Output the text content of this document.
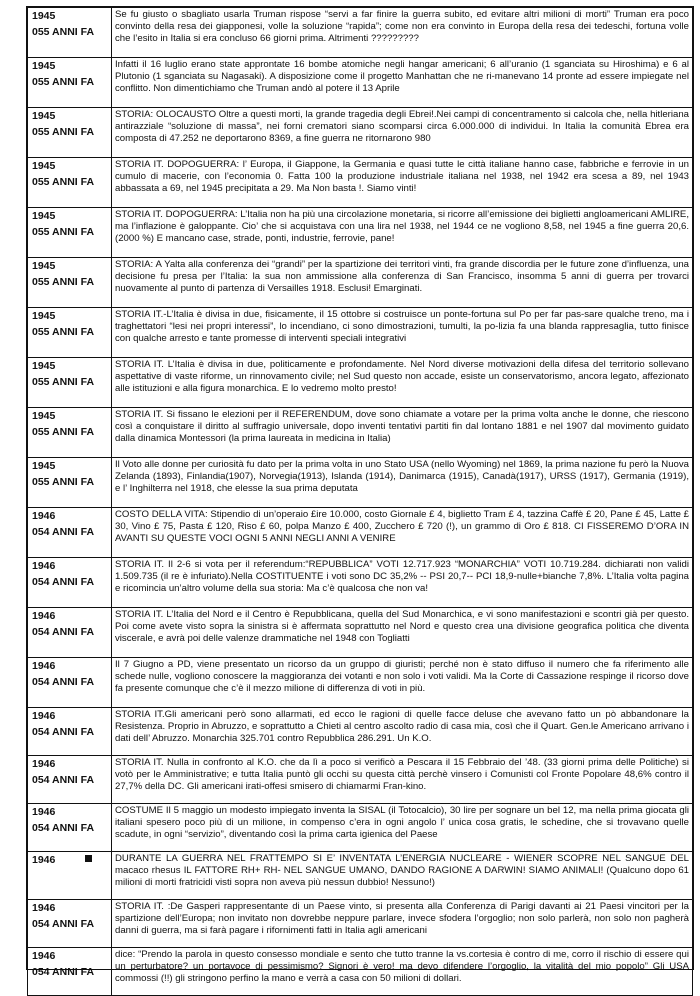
1945
055 ANNI FA	Se fu giusto o sbagliato usarla Truman rispose “servi a far finire la guerra subito, ed evitare altri milioni di morti” Truman era poco convinto della resa dei giapponesi, volle la soluzione “rapida”; come non era convinto in Europa della resa dei tedeschi, fortuna volle che l’esito in Italia si era concluso 66 giorni prima. Altrimenti ?????????

1945
055 ANNI FA	Infatti il 16 luglio erano state approntate 16 bombe atomiche negli hangar americani; 6 all’uranio (1 sganciata su Hiroshima) e 6 al Plutonio (1 sganciata su Nagasaki). A disposizione come il progetto Manhattan che ne ri-manevano 14 pronte ad essere impiegate nel conflitto. Non dimentichiamo che Truman andò al potere il 13 Aprile

1945
055 ANNI FA	STORIA: OLOCAUSTO Oltre a questi morti, la grande tragedia degli Ebrei!.Nei campi di concentramento si calcola che, nella hitleriana antirazziale “soluzione di massa”, nei forni crematori siano scomparsi circa 6.000.000 di individui. In Italia la comunità Ebrea era composta di 47.252 ne deportarono 8369, a fine guerra ne ritornarono 980

1945
055 ANNI FA	STORIA IT. DOPOGUERRA: l’ Europa, il Giappone, la Germania e quasi tutte le città italiane hanno case, fabbriche e ferrovie in un cumulo di macerie, con l’economia 0. Fatta 100 la produzione industriale italiana nel 1938, nel 1942 era scesa a 89, nel 1943 abbassata a 69, nel 1945 precipitata a 29. Ma Non basta !. Siamo vinti!

1945
055 ANNI FA	STORIA IT. DOPOGUERRA: L’Italia non ha più una circolazione monetaria, si ricorre all’emissione dei biglietti angloamericani AMLIRE, ma l’inflazione è galoppante. Cio’ che si acquistava con una lira nel 1938, nel 1944 ce ne vogliono 8,58, nel 1945 a fine guerra 20,6. (2000 %) E mancano case, strade, ponti, industrie, ferrovie, pane!

1945
055 ANNI FA	STORIA: A Yalta alla conferenza dei “grandi” per la spartizione dei territori vinti, fra grande discordia per le future zone d’influenza, una decisione fu presa per l’Italia: la sua non ammissione alla conferenza di San Francisco, insomma 5 anni di guerra per trovarci nuovamente al punto di partenza di Versailles 1918. Esclusi! Emarginati.

1945
055 ANNI FA	STORIA IT.-L’Italia è divisa in due, fisicamente, il 15 ottobre si costruisce un ponte-fortuna sul Po per far pas-sare qualche treno, ma i traghettatori “lesi nei propri interessi”, lo incendiano, ci sono dimostrazioni, tumulti, la po-lizia fa una blanda rappresaglia, tutto finisce con qualche arresto e tante promesse di interventi speciali integrativi

1945
055 ANNI FA	STORIA IT. L’Italia è divisa in due, politicamente e profondamente. Nel Nord diverse motivazioni della difesa del territorio sollevano aspettative di vaste riforme, un rinnovamento civile; nel Sud questo non accade, esiste un conservatorismo, ancora legato, affezionato alle istituzioni e alla figura monarchica. E lo vedremo molto presto!

1945
055 ANNI FA	STORIA IT. Si fissano le elezioni per il REFERENDUM, dove sono chiamate a votare per la prima volta anche le donne, che riescono così a conquistare il diritto al suffragio universale, dopo inventi tentativi partiti fin dal lontano 1881 e nel 1907 dal movimento guidato dalla dinamica Montessori (la prima laureata in medicina in Italia)

1945
055 ANNI FA	Il Voto alle donne per curiosità fu dato per la prima volta in uno Stato USA (nello Wyoming) nel 1869, la prima nazione fu però la Nuova Zelanda (1893), Finlandia(1907), Norvegia(1913), Islanda (1914), Danimarca (1915), Canadà(1917), URSS (1917), Germania (1919), e l’ Inghilterra nel 1918, che elesse la sua prima deputata

1946
054 ANNI FA	COSTO DELLA VITA: Stipendio di un’operaio £ire 10.000, costo Giornale £ 4, biglietto Tram £ 4, tazzina Caffè £ 20, Pane £ 45, Latte £ 30, Vino £ 75, Pasta £ 120, Riso £ 60, polpa Manzo £ 400, Zucchero £ 720 (!), un grammo di Oro £ 818. CI FISSEREMO D’ORA IN AVANTI SU QUESTE VOCI OGNI 5 ANNI NEGLI ANNI A VENIRE

1946
054 ANNI FA	STORIA IT. Il 2-6 si vota per il referendum:“REPUBBLICA” VOTI 12.717.923 “MONARCHIA” VOTI 10.719.284. dichiarati non validi 1.509.735 (il re è infuriato).Nella COSTITUENTE i voti sono DC 35,2% -- PSI 20,7-- PCI 18,9-nulle+bianche 7,8%. L’Italia volta pagina e ricomincia un’altro volume della sua storia: Ma c’è qualcosa che non va!

1946
054 ANNI FA	STORIA IT. L’Italia del Nord e il Centro è Repubblicana, quella del Sud Monarchica, e vi sono manifestazioni e scontri già per questo. Poi come avete visto sopra la sinistra si è affermata soprattutto nel Nord e questo crea una divisione geografica politica che diventa viscerale, e avrà poi delle valenze drammatiche nel 1948 con Togliatti

1946
054 ANNI FA	Il 7 Giugno a PD, viene presentato un ricorso da un gruppo di giuristi; perché non è stato diffuso il numero che fa riferimento alle schede nulle, vogliono conoscere la maggioranza dei votanti e non solo i voti validi. Ma la Corte di Cassazione respinge il ricorso dove fa presente comunque che c’è il mezzo milione di differenza di voti in più.

1946
054 ANNI FA	STORIA IT.Gli americani però sono allarmati, ed ecco le ragioni di quelle facce deluse che avevano fatto un pò abbandonare la Resistenza. Proprio in Abruzzo, e soprattutto a Chieti al centro ascolto radio di casa mia, così che il Quart. Gen.le Americano arrivano i dati dell’ Abruzzo. Monarchia 325.701 contro Repubblica 286.291. Un K.O.

1946
054 ANNI FA	STORIA IT. Nulla in confronto al K.O. che da lì a poco si verificò a Pescara il 15 Febbraio del ’48. (33 giorni prima delle Politiche) si votò per le Amministrative; e tutta Italia puntò gli occhi su questa città perchè vinsero i Comunisti col Fronte Popolare 48,6% contro il 27,7% della DC. Gli americani irati-offesi smisero di chiamarmi Fran-kino.

1946
054 ANNI FA	COSTUME Il 5 maggio un modesto impiegato inventa la SISAL (il Totocalcio), 30 lire per sognare un bel 12, ma nella prima giocata gli italiani spesero poco più di un milione, in compenso c’era in ogni angolo l’ unica cosa gratis, le schedine, che si trovavano quelle scadute, in ogni “servizio”, diventando così la prima carta igienica del Paese

1946	DURANTE LA GUERRA NEL FRATTEMPO SI E’ INVENTATA L’ENERGIA NUCLEARE - WIENER SCOPRE NEL SANGUE DEL macaco rhesus IL FATTORE RH+ RH- NEL SANGUE UMANO, DANDO RAGIONE A DARWIN! SIAMO ANIMALI! (Qualcuno dopo 61 milioni di morti fratricidi visti sopra non aveva più nessun dubbio! Nessuno!)

1946
054 ANNI FA	STORIA IT. :De Gasperi rappresentante di un Paese vinto, si presenta alla Conferenza di Parigi davanti ai 21 Paesi vincitori per la spartizione dell’Europa; non invitato non dovrebbe neppure parlare, invece sfodera l’orgoglio; non solo parlerà, non solo non pagherà danni di guerra, ma si farà pagare i rifornimenti fatti in Italia agli americani

1946
054 ANNI FA	dice: “Prendo la parola in questo consesso mondiale e sento che tutto tranne la vs.cortesia è contro di me, corro il rischio di essere qui un perturbatore? un portavoce di pessimismo? Signori è vero! ma devo difendere l’orgoglio, la vitalità del mio popolo” Gli USA commossi (!!) gli stringono perfino la mano e verrà a casa con 50 milioni di dollari.
